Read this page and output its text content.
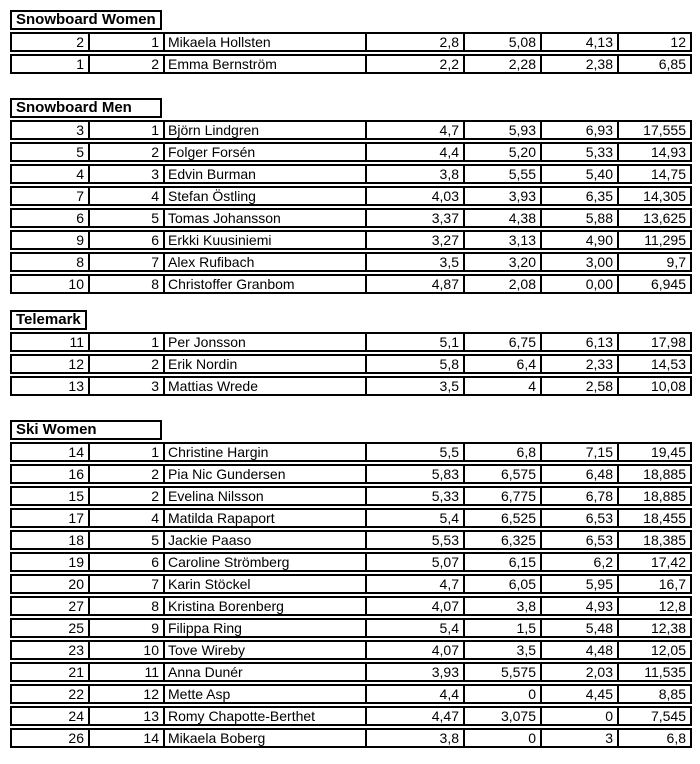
Snowboard Women
2	1 Mikaela Hollsten	2,8	5,08	4,13	12
1	2 Emma Bernström	2,2	2,28	2,38	6,85
Snowboard Men
3	1 Björn Lindgren	4,7	5,93	6,93	17,555
5	2 Folger Forsén	4,4	5,20	5,33	14,93
4	3 Edvin Burman	3,8	5,55	5,40	14,75
7	4 Stefan Östling	4,03	3,93	6,35	14,305
6	5 Tomas Johansson	3,37	4,38	5,88	13,625
9	6 Erkki Kuusiniemi	3,27	3,13	4,90	11,295
8	7 Alex Rufibach	3,5	3,20	3,00	9,7
10	8 Christoffer Granbom	4,87	2,08	0,00	6,945
Telemark
11	1 Per Jonsson	5,1	6,75	6,13	17,98
12	2 Erik Nordin	5,8	6,4	2,33	14,53
13	3 Mattias Wrede	3,5	4	2,58	10,08
Ski Women
14	1 Christine Hargin	5,5	6,8	7,15	19,45
16	2 Pia Nic Gundersen	5,83	6,575	6,48	18,885
15	2 Evelina Nilsson	5,33	6,775	6,78	18,885
17	4 Matilda Rapaport	5,4	6,525	6,53	18,455
18	5 Jackie Paaso	5,53	6,325	6,53	18,385
19	6 Caroline Strömberg	5,07	6,15	6,2	17,42
20	7 Karin Stöckel	4,7	6,05	5,95	16,7
27	8 Kristina Borenberg	4,07	3,8	4,93	12,8
25	9 Filippa Ring	5,4	1,5	5,48	12,38
23	10 Tove Wireby	4,07	3,5	4,48	12,05
21	11 Anna Dunér	3,93	5,575	2,03	11,535
22	12 Mette Asp	4,4	0	4,45	8,85
24	13 Romy Chapotte-Berthet	4,47	3,075	0	7,545
26	14 Mikaela Boberg	3,8	0	3	6,8
